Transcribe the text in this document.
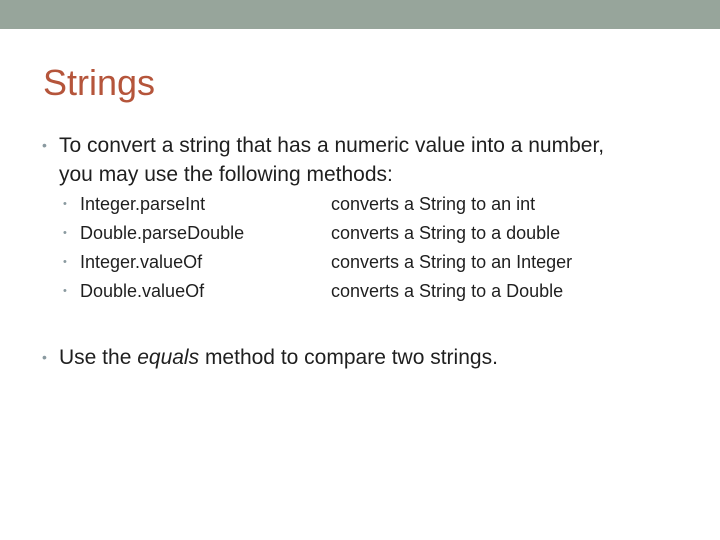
Strings
• To convert a string that has a numeric value into a number, you may use the following methods:
• Integer.parseInt	converts a String to an int
• Double.parseDouble	converts a String to a double
• Integer.valueOf	converts a String to an Integer
• Double.valueOf	converts a String to a Double
• Use the equals method to compare two strings.
